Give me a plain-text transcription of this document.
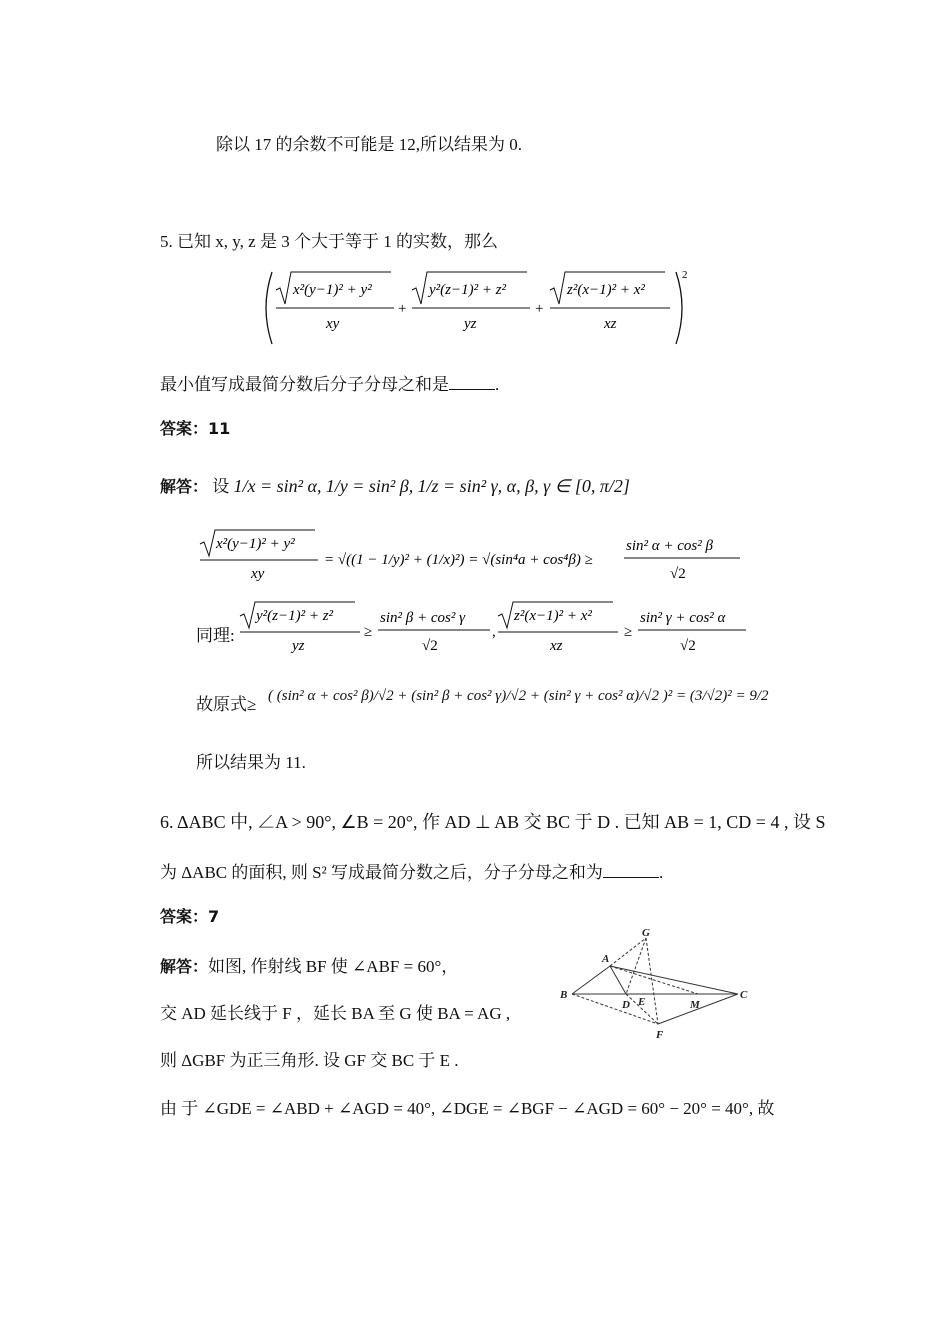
除以 17 的余数不可能是 12,所以结果为 0.
5. 已知 x, y, z 是 3 个大于等于 1 的实数，那么
x²(y−1)² + y²
xy
+
y²(z−1)² + z²
yz
+
z²(x−1)² + x²
xz
2
最小值写成最简分数后分子分母之和是	.
答案：11
解答： 设 1/x = sin² α, 1/y = sin² β, 1/z = sin² γ, α, β, γ ∈ [0, π/2]
x²(y−1)² + y²
xy
= √((1 − 1/y)² + (1/x)²) = √(sin⁴a + cos⁴β) ≥
sin² α + cos² β
√2
同理:
y²(z−1)² + z²
yz
≥
sin² β + cos² γ
√2
,
z²(x−1)² + x²
xz
≥
sin² γ + cos² α
√2
故原式≥ ( (sin² α + cos² β)/√2 + (sin² β + cos² γ)/√2 + (sin² γ + cos² α)/√2 )² = (3/√2)² = 9/2
所以结果为 11.
6. ΔABC 中, ∠A > 90°, ∠B = 20°, 作 AD ⊥ AB 交 BC 于 D . 已知 AB = 1, CD = 4 , 设 S
为 ΔABC 的面积, 则 S² 写成最简分数之后，分子分母之和为	.
答案：7
解答：如图, 作射线 BF 使 ∠ABF = 60°，
交 AD 延长线于 F ，延长 BA 至 G 使 BA = AG ,
则 ΔGBF 为正三角形. 设 GF 交 BC 于 E .
由 于 ∠GDE = ∠ABD + ∠AGD = 40°, ∠DGE = ∠BGF − ∠AGD = 60° − 20° = 40°, 故
G
A
B
D E	M
C
F
